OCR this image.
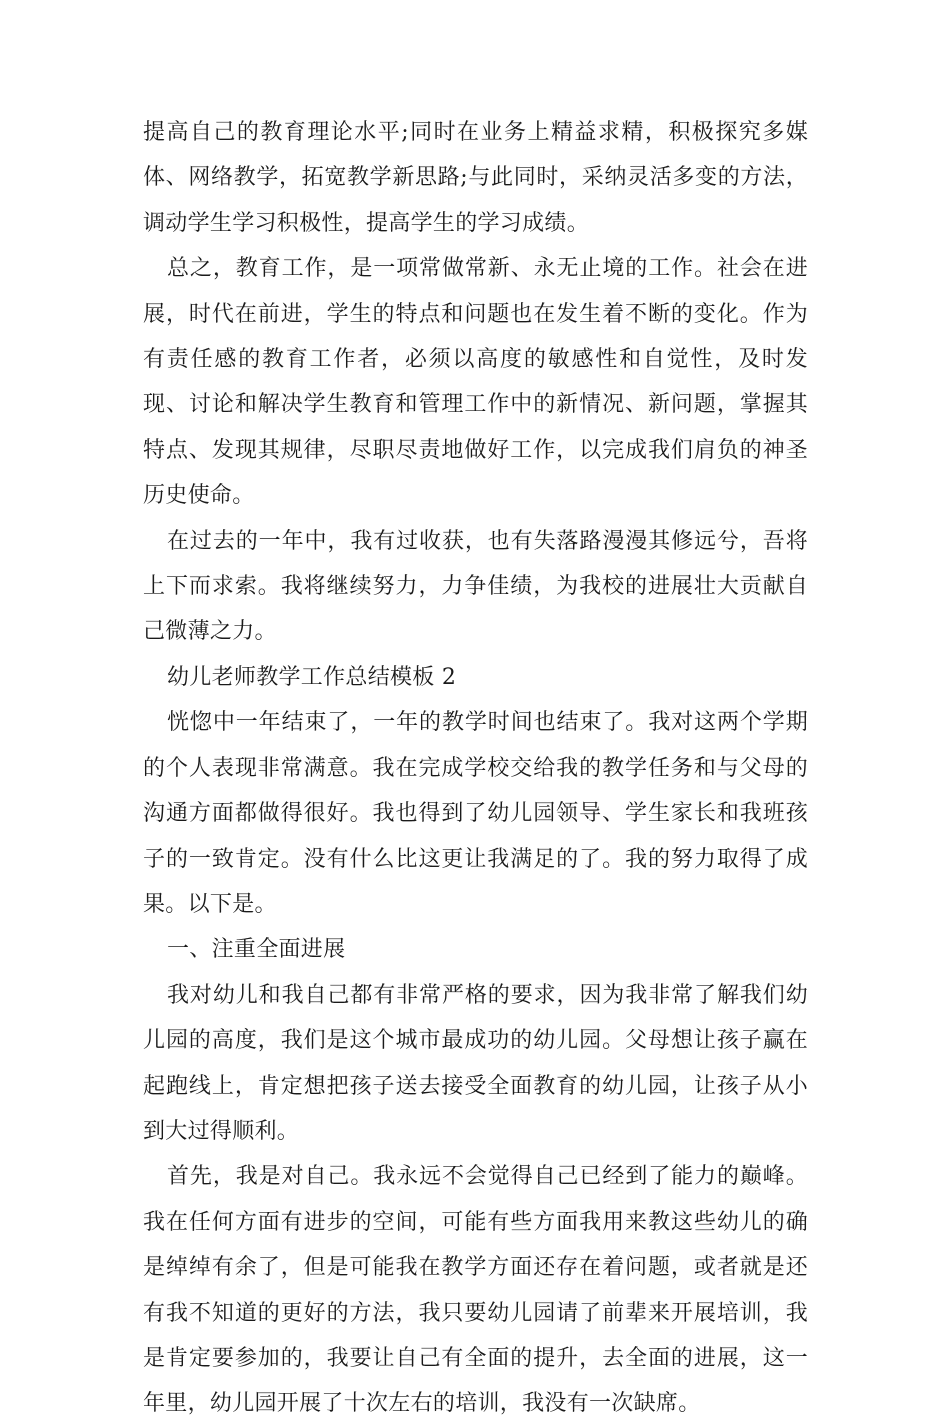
提高自己的教育理论水平;同时在业务上精益求精，积极探究多媒体、网络教学，拓宽教学新思路;与此同时，采纳灵活多变的方法，调动学生学习积极性，提高学生的学习成绩。

总之，教育工作，是一项常做常新、永无止境的工作。社会在进展，时代在前进，学生的特点和问题也在发生着不断的变化。作为有责任感的教育工作者，必须以高度的敏感性和自觉性，及时发现、讨论和解决学生教育和管理工作中的新情况、新问题，掌握其特点、发现其规律，尽职尽责地做好工作，以完成我们肩负的神圣历史使命。

在过去的一年中，我有过收获，也有失落路漫漫其修远兮，吾将上下而求索。我将继续努力，力争佳绩，为我校的进展壮大贡献自己微薄之力。

幼儿老师教学工作总结模板 2

恍惚中一年结束了，一年的教学时间也结束了。我对这两个学期的个人表现非常满意。我在完成学校交给我的教学任务和与父母的沟通方面都做得很好。我也得到了幼儿园领导、学生家长和我班孩子的一致肯定。没有什么比这更让我满足的了。我的努力取得了成果。以下是。

一、注重全面进展

我对幼儿和我自己都有非常严格的要求，因为我非常了解我们幼儿园的高度，我们是这个城市最成功的幼儿园。父母想让孩子赢在起跑线上，肯定想把孩子送去接受全面教育的幼儿园，让孩子从小到大过得顺利。

首先，我是对自己。我永远不会觉得自己已经到了能力的巅峰。我在任何方面有进步的空间，可能有些方面我用来教这些幼儿的确是绰绰有余了，但是可能我在教学方面还存在着问题，或者就是还有我不知道的更好的方法，我只要幼儿园请了前辈来开展培训，我是肯定要参加的，我要让自己有全面的提升，去全面的进展，这一年里，幼儿园开展了十次左右的培训，我没有一次缺席。
